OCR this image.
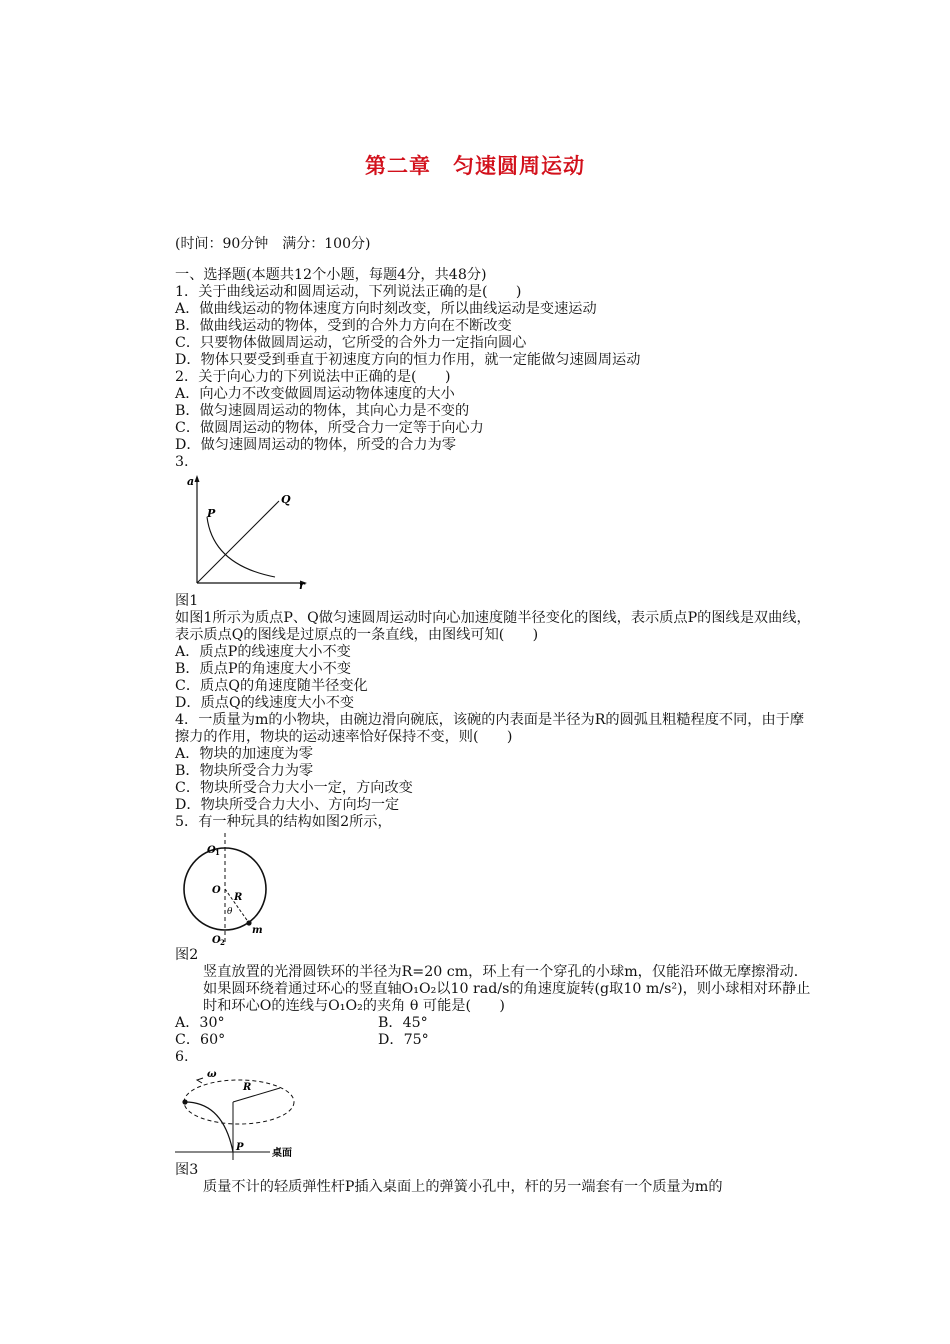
第二章　匀速圆周运动
(时间：90分钟　满分：100分)
一、选择题(本题共12个小题，每题4分，共48分)
1．关于曲线运动和圆周运动，下列说法正确的是(　　)
A．做曲线运动的物体速度方向时刻改变，所以曲线运动是变速运动
B．做曲线运动的物体，受到的合外力方向在不断改变
C．只要物体做圆周运动，它所受的合外力一定指向圆心
D．物体只要受到垂直于初速度方向的恒力作用，就一定能做匀速圆周运动
2．关于向心力的下列说法中正确的是(　　)
A．向心力不改变做圆周运动物体速度的大小
B．做匀速圆周运动的物体，其向心力是不变的
C．做圆周运动的物体，所受合力一定等于向心力
D．做匀速圆周运动的物体，所受的合力为零
3.
a
P
Q
r
图1
如图1所示为质点P、Q做匀速圆周运动时向心加速度随半径变化的图线，表示质点P的图线是双曲线，表示质点Q的图线是过原点的一条直线，由图线可知(　　)
A．质点P的线速度大小不变
B．质点P的角速度大小不变
C．质点Q的角速度随半径变化
D．质点Q的线速度大小不变
4．一质量为m的小物块，由碗边滑向碗底，该碗的内表面是半径为R的圆弧且粗糙程度不同，由于摩擦力的作用，物块的运动速率恰好保持不变，则(　　)
A．物块的加速度为零
B．物块所受合力为零
C．物块所受合力大小一定，方向改变
D．物块所受合力大小、方向均一定
5．有一种玩具的结构如图2所示，
O 1
O
R
θ
m
O 2
图2
竖直放置的光滑圆铁环的半径为R=20 cm，环上有一个穿孔的小球m，仅能沿环做无摩擦滑动．如果圆环绕着通过环心的竖直轴O₁O₂以10 rad/s的角速度旋转(g取10 m/s²)，则小球相对环静止时和环心O的连线与O₁O₂的夹角 θ 可能是(　　)
A．30°	B．45°
C．60°	D．75°
6.
ω
R
P
桌面
图3
质量不计的轻质弹性杆P插入桌面上的弹簧小孔中，杆的另一端套有一个质量为m的
